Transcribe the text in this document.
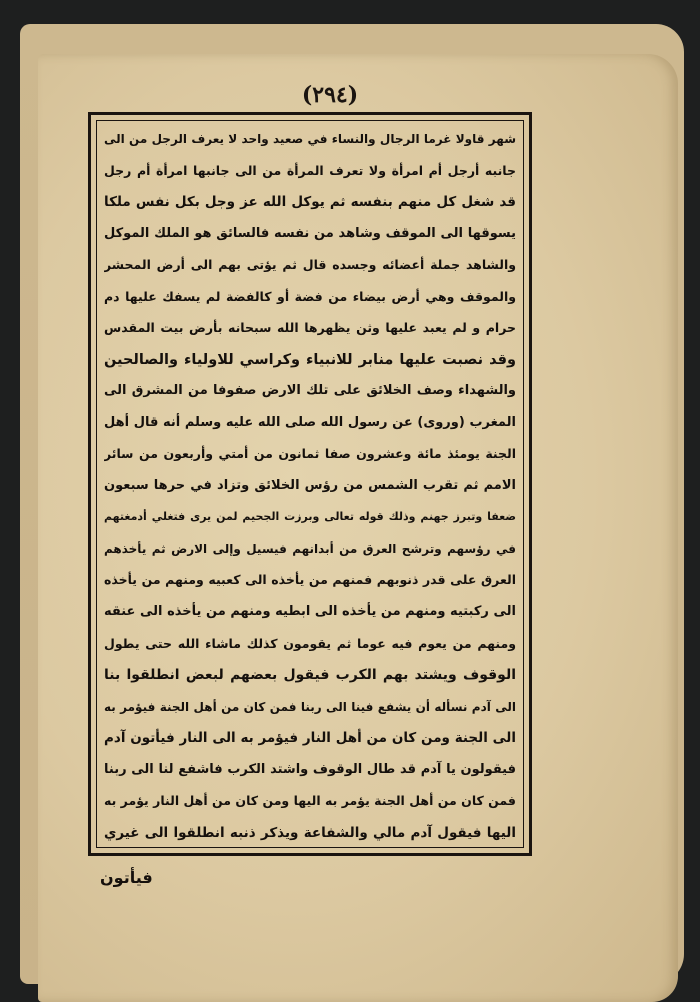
(٢٩٤)
شهر قاولا غرما الرجال والنساء في صعيد واحد لا يعرف الرجل من الى
جانبه أرجل أم امرأة ولا تعرف المرأة من الى جانبها امرأة أم رجل
قد شغل كل منهم بنفسه ثم يوكل الله عز وجل بكل نفس ملكا
يسوقها الى الموقف وشاهد من نفسه فالسائق هو الملك الموكل
والشاهد جملة أعضائه وجسده قال ثم يؤتى بهم الى أرض المحشر
والموقف وهي أرض بيضاء من فضة أو كالفضة لم يسفك عليها دم
حرام و لم يعبد عليها وثن يظهرها الله سبحانه بأرض بيت المقدس
وقد نصبت عليها منابر للانبياء وكراسي للاولياء والصالحين
والشهداء وصف الخلائق على تلك الارض صفوفا من المشرق الى
المغرب (وروى) عن رسول الله صلى الله عليه وسلم أنه قال أهل
الجنة يومئذ مائة وعشرون صفا ثمانون من أمتي وأربعون من سائر
الامم ثم تقرب الشمس من رؤس الخلائق وتزاد في حرها سبعون
ضعفا وتبرز جهنم وذلك قوله تعالى وبرزت الجحيم لمن يرى فتغلي أدمغتهم
في رؤسهم وترشح العرق من أبدانهم فيسيل وإلى الارض ثم يأخذهم
العرق على قدر ذنوبهم فمنهم من يأخذه الى كعبيه ومنهم من يأخذه
الى ركبتيه ومنهم من يأخذه الى ابطيه ومنهم من يأخذه الى عنقه
ومنهم من يعوم فيه عوما ثم يقومون كذلك ماشاء الله حتى يطول
الوقوف ويشتد بهم الكرب فيقول بعضهم لبعض انطلقوا بنا
الى آدم نسأله أن يشفع فينا الى ربنا فمن كان من أهل الجنة فيؤمر به
الى الجنة ومن كان من أهل النار فيؤمر به الى النار فيأتون آدم
فيقولون يا آدم قد طال الوقوف واشتد الكرب فاشفع لنا الى ربنا
فمن كان من أهل الجنة يؤمر به اليها ومن كان من أهل النار يؤمر به
اليها فيقول آدم مالي والشفاعة ويذكر ذنبه انطلقوا الى غيري
فيأتون
